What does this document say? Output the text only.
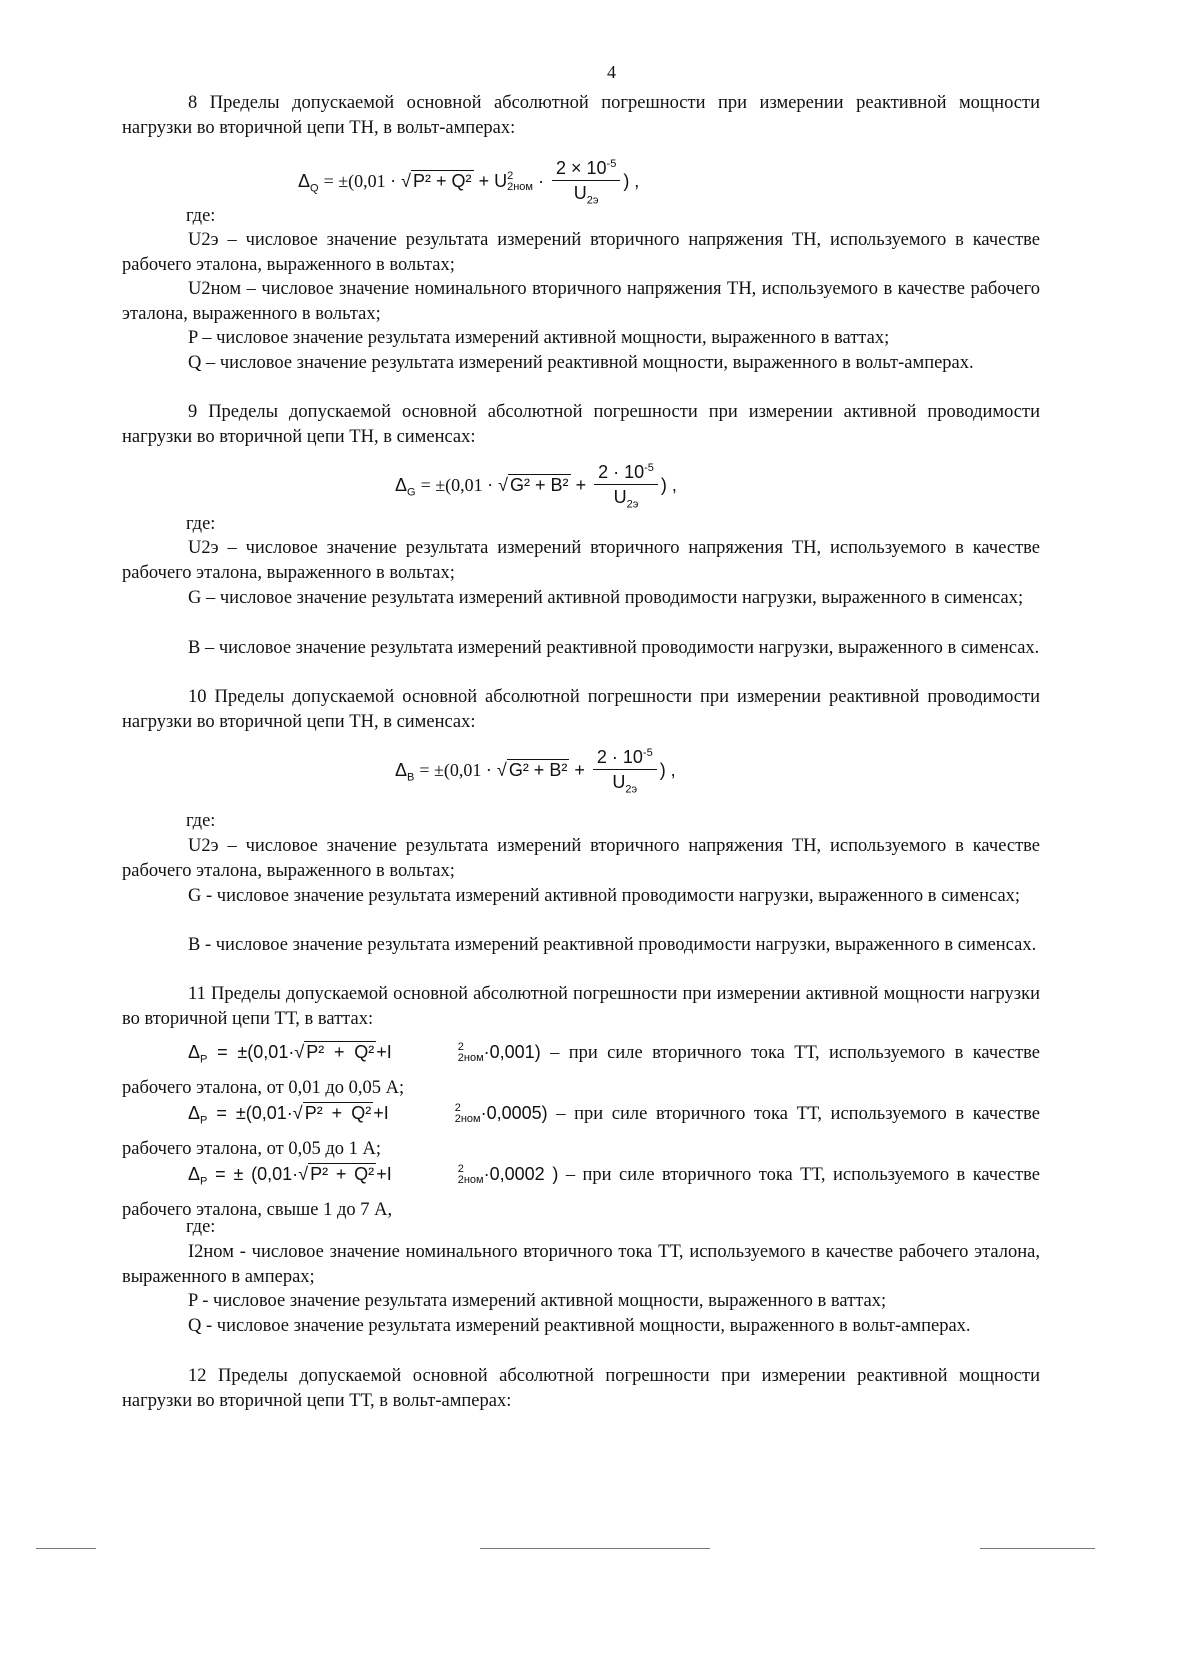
4
8 Пределы допускаемой основной абсолютной погрешности при измерении реактивной мощности нагрузки во вторичной цепи ТН, в вольт-амперах:
$\Delta_Q = \pm(0,01$ · √ P² + Q² + U 2
2ном ·
$2 \times 10^{-5}$
$U_{2э}$
) ,
где:
U2э – числовое значение результата измерений вторичного напряжения ТН, используемого в качестве рабочего эталона, выраженного в вольтах;
U2ном – числовое значение номинального вторичного напряжения ТН, используемого в качестве рабочего эталона, выраженного в вольтах;
P – числовое значение результата измерений активной мощности, выраженного в ваттах;
Q – числовое значение результата измерений реактивной мощности, выраженного в вольт-амперах.
9 Пределы допускаемой основной абсолютной погрешности при измерении активной проводимости нагрузки во вторичной цепи ТН, в сименсах:
$\Delta_G = \pm(0,01$ · √ G² + B² +
$2 \cdot 10^{-5}$
$U_{2э}$
) ,
где:
U2э – числовое значение результата измерений вторичного напряжения ТН, используемого в качестве рабочего эталона, выраженного в вольтах;
G – числовое значение результата измерений активной проводимости нагрузки, выраженного в сименсах;
B – числовое значение результата измерений реактивной проводимости нагрузки, выраженного в сименсах.
10 Пределы допускаемой основной абсолютной погрешности при измерении реактивной проводимости нагрузки во вторичной цепи ТН, в сименсах:
$\Delta_B = \pm(0,01$ · √ G² + B² +
$2 \cdot 10^{-5}$
$U_{2э}$
) ,
где:
U2э – числовое значение результата измерений вторичного напряжения ТН, используемого в качестве рабочего эталона, выраженного в вольтах;
G - числовое значение результата измерений активной проводимости нагрузки, выраженного в сименсах;
B - числовое значение результата измерений реактивной проводимости нагрузки, выраженного в сименсах.
11 Пределы допускаемой основной абсолютной погрешности при измерении активной мощности нагрузки во вторичной цепи ТТ, в ваттах:
$\Delta_P = \pm(0,01\cdot√$ P² + Q² +I	2
2ном ·0,001) – при силе вторичного тока ТТ, используемого в качестве рабочего эталона, от 0,01 до 0,05 А;
$\Delta_P = \pm(0,01\cdot√$ P² + Q² +I	2
2ном ·0,0005) – при силе вторичного тока ТТ, используемого в качестве рабочего эталона, от 0,05 до 1 А;
$\Delta_P$ = ± (0,01·√ P² + Q² +I	2
2ном ·0,0002 ) – при силе вторичного тока ТТ, используемого в качестве рабочего эталона, свыше 1 до 7 А,
где:
I2ном - числовое значение номинального вторичного тока ТТ, используемого в качестве рабочего эталона, выраженного в амперах;
P - числовое значение результата измерений активной мощности, выраженного в ваттах;
Q - числовое значение результата измерений реактивной мощности, выраженного в вольт-амперах.
12 Пределы допускаемой основной абсолютной погрешности при измерении реактивной мощности нагрузки во вторичной цепи ТТ, в вольт-амперах:
